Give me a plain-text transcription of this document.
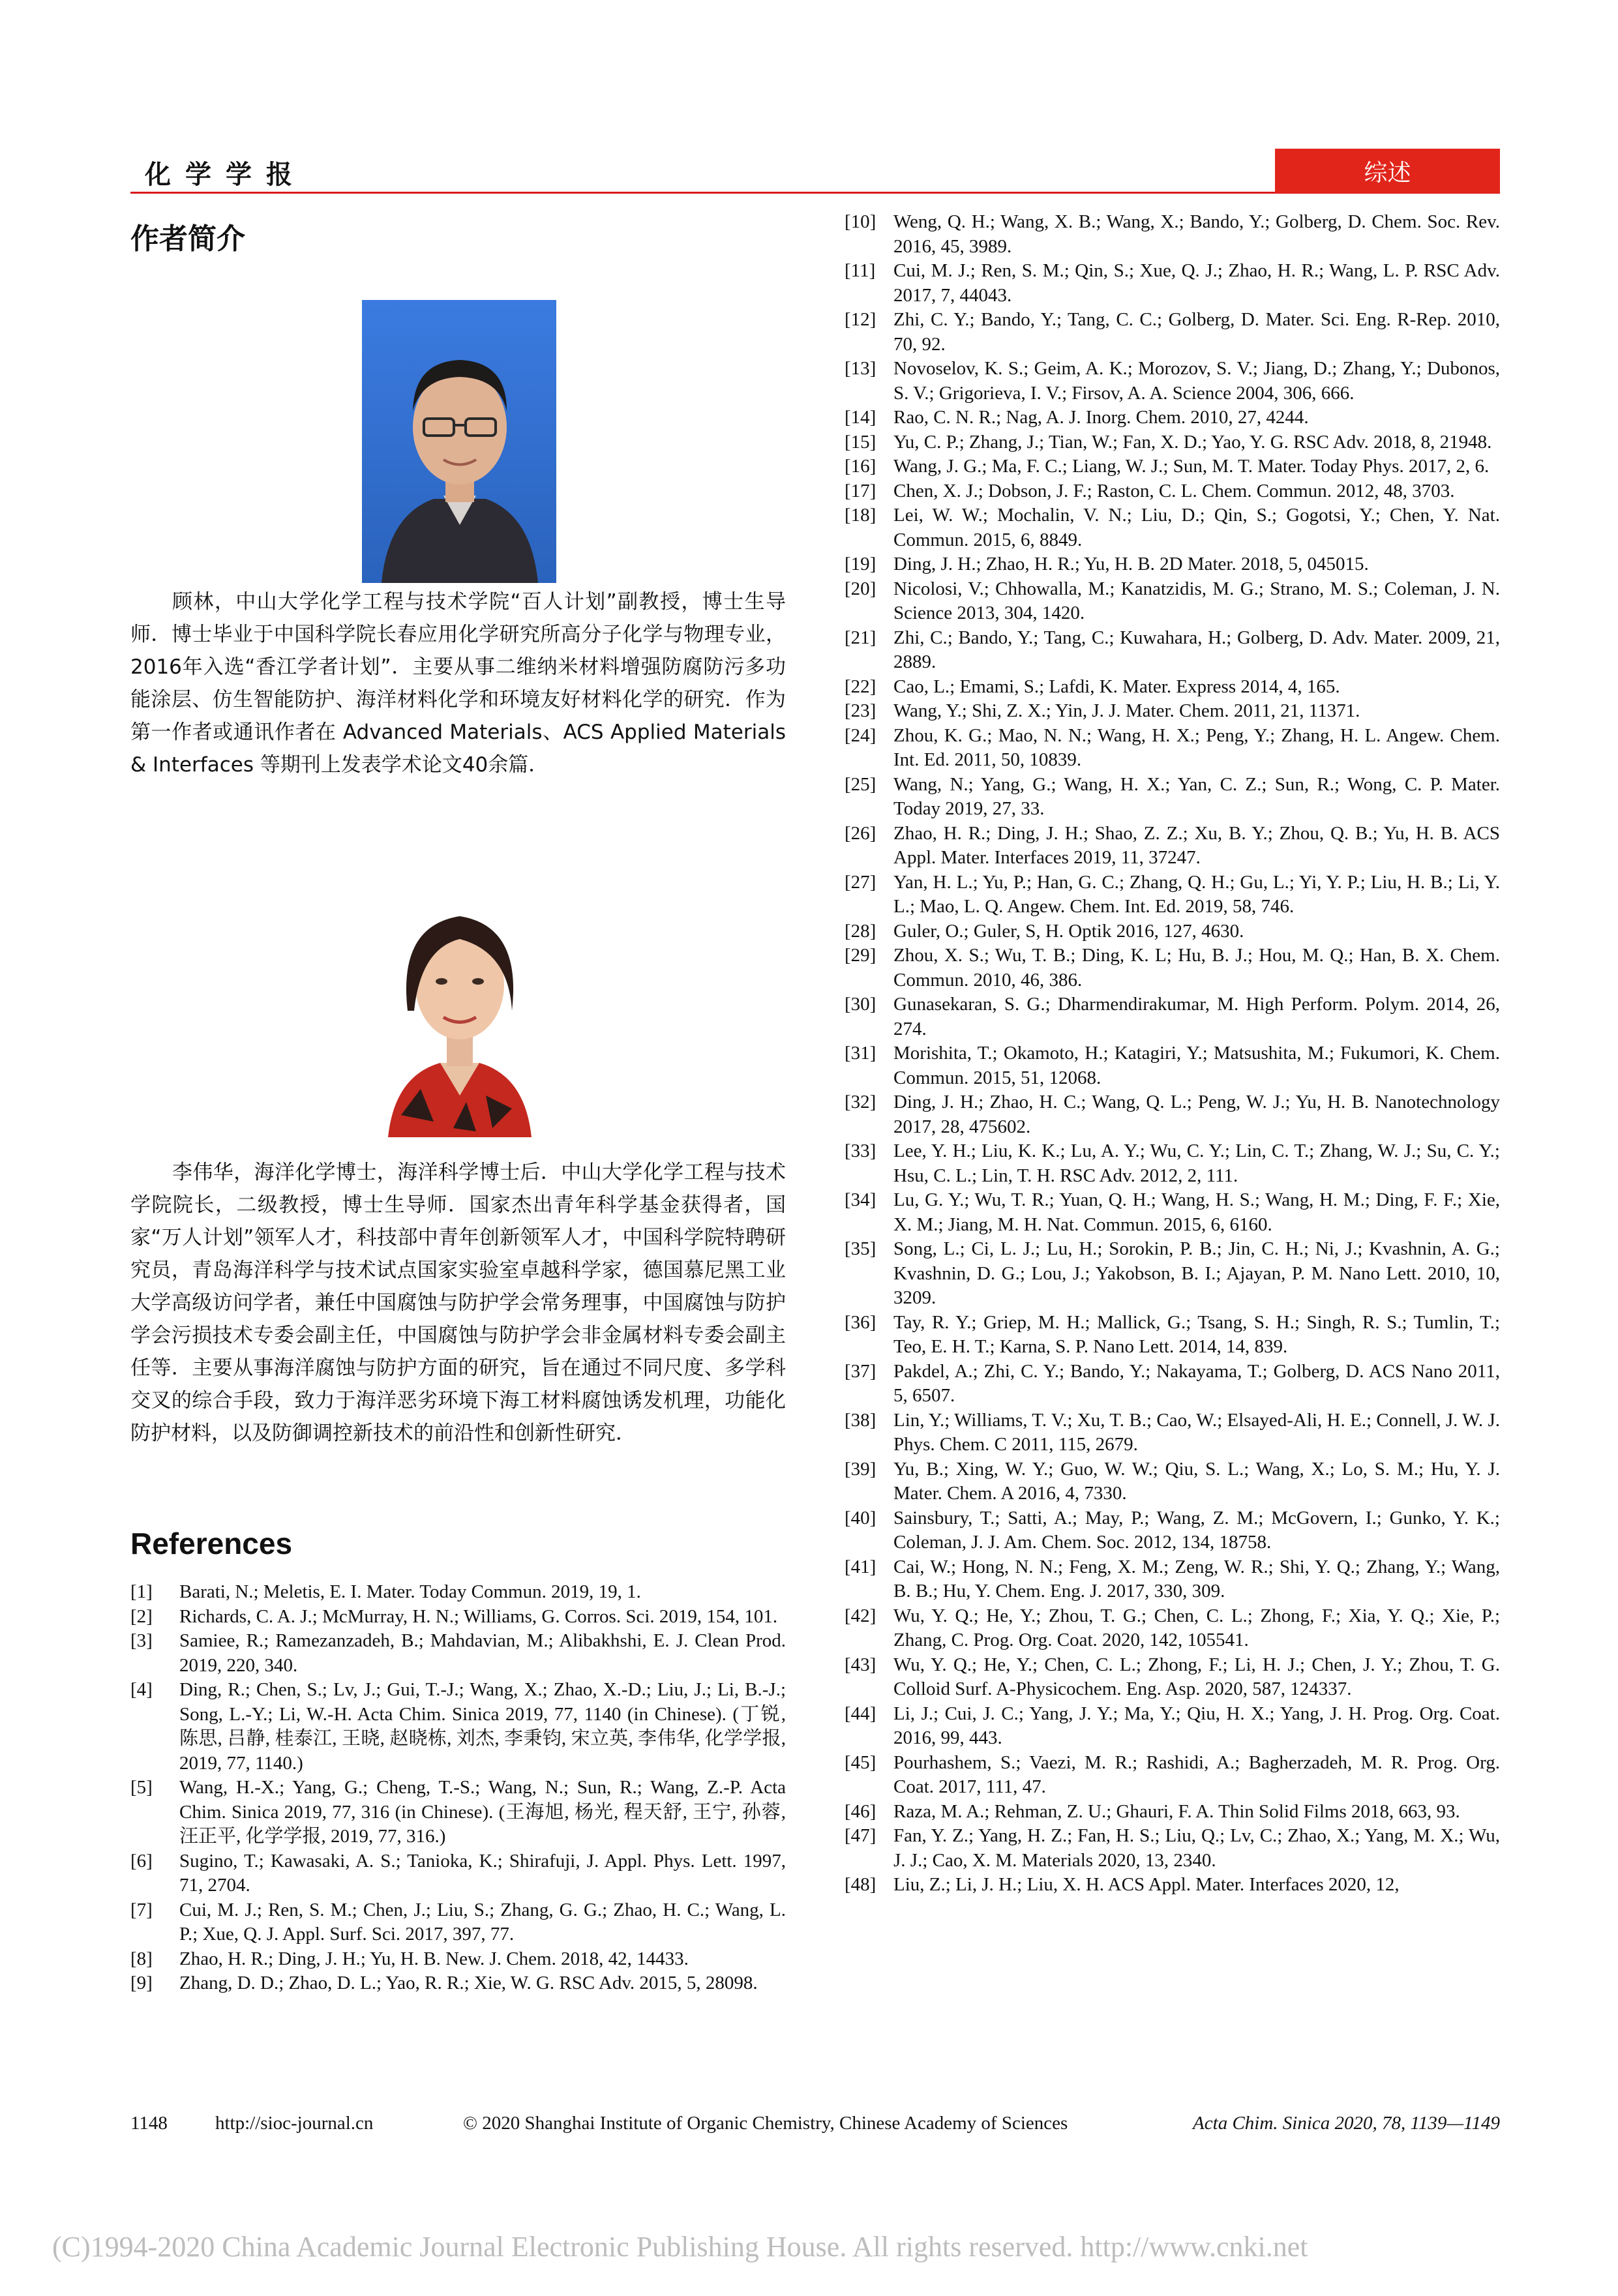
化学学报	综述
作者简介

顾林，中山大学化学工程与技术学院“百人计划”副教授，博士生导师．博士毕业于中国科学院长春应用化学研究所高分子化学与物理专业，2016年入选“香江学者计划”．主要从事二维纳米材料增强防腐防污多功能涂层、仿生智能防护、海洋材料化学和环境友好材料化学的研究．作为第一作者或通讯作者在 Advanced Materials、ACS Applied Materials & Interfaces 等期刊上发表学术论文40余篇．

李伟华，海洋化学博士，海洋科学博士后．中山大学化学工程与技术学院院长，二级教授，博士生导师．国家杰出青年科学基金获得者，国家“万人计划”领军人才，科技部中青年创新领军人才，中国科学院特聘研究员，青岛海洋科学与技术试点国家实验室卓越科学家，德国慕尼黑工业大学高级访问学者，兼任中国腐蚀与防护学会常务理事，中国腐蚀与防护学会污损技术专委会副主任，中国腐蚀与防护学会非金属材料专委会副主任等．主要从事海洋腐蚀与防护方面的研究，旨在通过不同尺度、多学科交叉的综合手段，致力于海洋恶劣环境下海工材料腐蚀诱发机理，功能化防护材料，以及防御调控新技术的前沿性和创新性研究．

References
[1] Barati, N.; Meletis, E. I. Mater. Today Commun. 2019, 19, 1.
[2] Richards, C. A. J.; McMurray, H. N.; Williams, G. Corros. Sci. 2019, 154, 101.
[3] Samiee, R.; Ramezanzadeh, B.; Mahdavian, M.; Alibakhshi, E. J. Clean Prod. 2019, 220, 340.
[4] Ding, R.; Chen, S.; Lv, J.; Gui, T.-J.; Wang, X.; Zhao, X.-D.; Liu, J.; Li, B.-J.; Song, L.-Y.; Li, W.-H. Acta Chim. Sinica 2019, 77, 1140 (in Chinese). (丁锐, 陈思, 吕静, 桂泰江, 王晓, 赵晓栋, 刘杰, 李秉钧, 宋立英, 李伟华, 化学学报, 2019, 77, 1140.)
[5] Wang, H.-X.; Yang, G.; Cheng, T.-S.; Wang, N.; Sun, R.; Wang, Z.-P. Acta Chim. Sinica 2019, 77, 316 (in Chinese). (王海旭, 杨光, 程天舒, 王宁, 孙蓉, 汪正平, 化学学报, 2019, 77, 316.)
[6] Sugino, T.; Kawasaki, A. S.; Tanioka, K.; Shirafuji, J. Appl. Phys. Lett. 1997, 71, 2704.
[7] Cui, M. J.; Ren, S. M.; Chen, J.; Liu, S.; Zhang, G. G.; Zhao, H. C.; Wang, L. P.; Xue, Q. J. Appl. Surf. Sci. 2017, 397, 77.
[8] Zhao, H. R.; Ding, J. H.; Yu, H. B. New. J. Chem. 2018, 42, 14433.
[9] Zhang, D. D.; Zhao, D. L.; Yao, R. R.; Xie, W. G. RSC Adv. 2015, 5, 28098.
[10] Weng, Q. H.; Wang, X. B.; Wang, X.; Bando, Y.; Golberg, D. Chem. Soc. Rev. 2016, 45, 3989.
[11] Cui, M. J.; Ren, S. M.; Qin, S.; Xue, Q. J.; Zhao, H. R.; Wang, L. P. RSC Adv. 2017, 7, 44043.
[12] Zhi, C. Y.; Bando, Y.; Tang, C. C.; Golberg, D. Mater. Sci. Eng. R-Rep. 2010, 70, 92.
[13] Novoselov, K. S.; Geim, A. K.; Morozov, S. V.; Jiang, D.; Zhang, Y.; Dubonos, S. V.; Grigorieva, I. V.; Firsov, A. A. Science 2004, 306, 666.
[14] Rao, C. N. R.; Nag, A. J. Inorg. Chem. 2010, 27, 4244.
[15] Yu, C. P.; Zhang, J.; Tian, W.; Fan, X. D.; Yao, Y. G. RSC Adv. 2018, 8, 21948.
[16] Wang, J. G.; Ma, F. C.; Liang, W. J.; Sun, M. T. Mater. Today Phys. 2017, 2, 6.
[17] Chen, X. J.; Dobson, J. F.; Raston, C. L. Chem. Commun. 2012, 48, 3703.
[18] Lei, W. W.; Mochalin, V. N.; Liu, D.; Qin, S.; Gogotsi, Y.; Chen, Y. Nat. Commun. 2015, 6, 8849.
[19] Ding, J. H.; Zhao, H. R.; Yu, H. B. 2D Mater. 2018, 5, 045015.
[20] Nicolosi, V.; Chhowalla, M.; Kanatzidis, M. G.; Strano, M. S.; Coleman, J. N. Science 2013, 304, 1420.
[21] Zhi, C.; Bando, Y.; Tang, C.; Kuwahara, H.; Golberg, D. Adv. Mater. 2009, 21, 2889.
[22] Cao, L.; Emami, S.; Lafdi, K. Mater. Express 2014, 4, 165.
[23] Wang, Y.; Shi, Z. X.; Yin, J. J. Mater. Chem. 2011, 21, 11371.
[24] Zhou, K. G.; Mao, N. N.; Wang, H. X.; Peng, Y.; Zhang, H. L. Angew. Chem. Int. Ed. 2011, 50, 10839.
[25] Wang, N.; Yang, G.; Wang, H. X.; Yan, C. Z.; Sun, R.; Wong, C. P. Mater. Today 2019, 27, 33.
[26] Zhao, H. R.; Ding, J. H.; Shao, Z. Z.; Xu, B. Y.; Zhou, Q. B.; Yu, H. B. ACS Appl. Mater. Interfaces 2019, 11, 37247.
[27] Yan, H. L.; Yu, P.; Han, G. C.; Zhang, Q. H.; Gu, L.; Yi, Y. P.; Liu, H. B.; Li, Y. L.; Mao, L. Q. Angew. Chem. Int. Ed. 2019, 58, 746.
[28] Guler, O.; Guler, S, H. Optik 2016, 127, 4630.
[29] Zhou, X. S.; Wu, T. B.; Ding, K. L; Hu, B. J.; Hou, M. Q.; Han, B. X. Chem. Commun. 2010, 46, 386.
[30] Gunasekaran, S. G.; Dharmendirakumar, M. High Perform. Polym. 2014, 26, 274.
[31] Morishita, T.; Okamoto, H.; Katagiri, Y.; Matsushita, M.; Fukumori, K. Chem. Commun. 2015, 51, 12068.
[32] Ding, J. H.; Zhao, H. C.; Wang, Q. L.; Peng, W. J.; Yu, H. B. Nanotechnology 2017, 28, 475602.
[33] Lee, Y. H.; Liu, K. K.; Lu, A. Y.; Wu, C. Y.; Lin, C. T.; Zhang, W. J.; Su, C. Y.; Hsu, C. L.; Lin, T. H. RSC Adv. 2012, 2, 111.
[34] Lu, G. Y.; Wu, T. R.; Yuan, Q. H.; Wang, H. S.; Wang, H. M.; Ding, F. F.; Xie, X. M.; Jiang, M. H. Nat. Commun. 2015, 6, 6160.
[35] Song, L.; Ci, L. J.; Lu, H.; Sorokin, P. B.; Jin, C. H.; Ni, J.; Kvashnin, A. G.; Kvashnin, D. G.; Lou, J.; Yakobson, B. I.; Ajayan, P. M. Nano Lett. 2010, 10, 3209.
[36] Tay, R. Y.; Griep, M. H.; Mallick, G.; Tsang, S. H.; Singh, R. S.; Tumlin, T.; Teo, E. H. T.; Karna, S. P. Nano Lett. 2014, 14, 839.
[37] Pakdel, A.; Zhi, C. Y.; Bando, Y.; Nakayama, T.; Golberg, D. ACS Nano 2011, 5, 6507.
[38] Lin, Y.; Williams, T. V.; Xu, T. B.; Cao, W.; Elsayed-Ali, H. E.; Connell, J. W. J. Phys. Chem. C 2011, 115, 2679.
[39] Yu, B.; Xing, W. Y.; Guo, W. W.; Qiu, S. L.; Wang, X.; Lo, S. M.; Hu, Y. J. Mater. Chem. A 2016, 4, 7330.
[40] Sainsbury, T.; Satti, A.; May, P.; Wang, Z. M.; McGovern, I.; Gunko, Y. K.; Coleman, J. J. Am. Chem. Soc. 2012, 134, 18758.
[41] Cai, W.; Hong, N. N.; Feng, X. M.; Zeng, W. R.; Shi, Y. Q.; Zhang, Y.; Wang, B. B.; Hu, Y. Chem. Eng. J. 2017, 330, 309.
[42] Wu, Y. Q.; He, Y.; Zhou, T. G.; Chen, C. L.; Zhong, F.; Xia, Y. Q.; Xie, P.; Zhang, C. Prog. Org. Coat. 2020, 142, 105541.
[43] Wu, Y. Q.; He, Y.; Chen, C. L.; Zhong, F.; Li, H. J.; Chen, J. Y.; Zhou, T. G. Colloid Surf. A-Physicochem. Eng. Asp. 2020, 587, 124337.
[44] Li, J.; Cui, J. C.; Yang, J. Y.; Ma, Y.; Qiu, H. X.; Yang, J. H. Prog. Org. Coat. 2016, 99, 443.
[45] Pourhashem, S.; Vaezi, M. R.; Rashidi, A.; Bagherzadeh, M. R. Prog. Org. Coat. 2017, 111, 47.
[46] Raza, M. A.; Rehman, Z. U.; Ghauri, F. A. Thin Solid Films 2018, 663, 93.
[47] Fan, Y. Z.; Yang, H. Z.; Fan, H. S.; Liu, Q.; Lv, C.; Zhao, X.; Yang, M. X.; Wu, J. J.; Cao, X. M. Materials 2020, 13, 2340.
[48] Liu, Z.; Li, J. H.; Liu, X. H. ACS Appl. Mater. Interfaces 2020, 12,
1148	http://sioc-journal.cn	© 2020 Shanghai Institute of Organic Chemistry, Chinese Academy of Sciences	Acta Chim. Sinica 2020, 78, 1139—1149
(C)1994-2020 China Academic Journal Electronic Publishing House. All rights reserved. http://www.cnki.net
